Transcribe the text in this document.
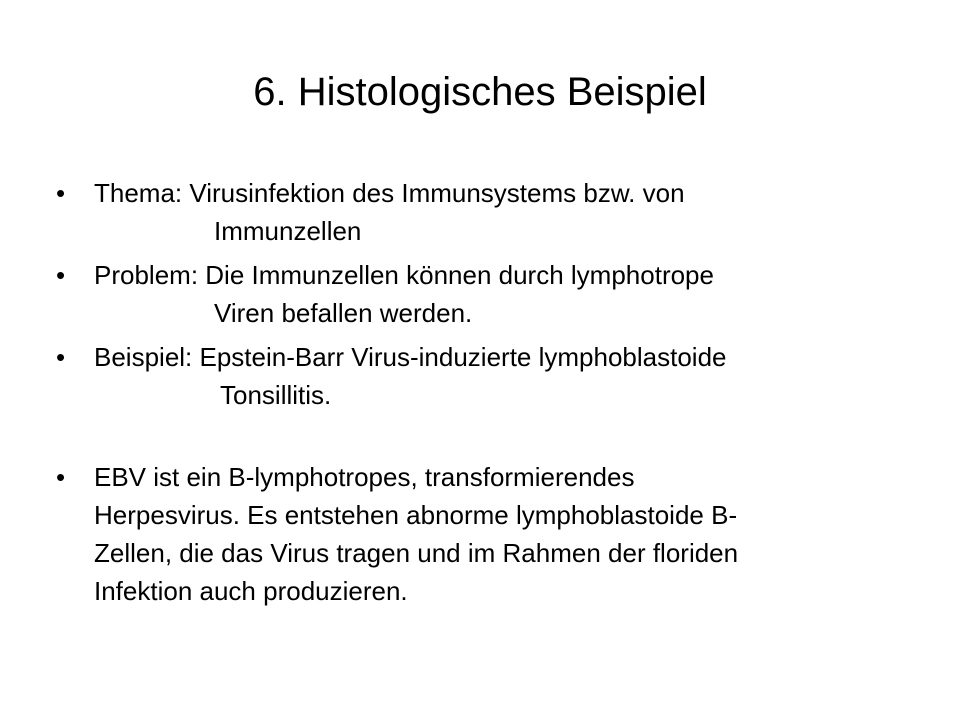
6. Histologisches Beispiel
•	Thema: Virusinfektion des Immunsystems bzw. von
Immunzellen
•	Problem: Die Immunzellen können durch lymphotrope
Viren befallen werden.
•	Beispiel: Epstein-Barr Virus-induzierte lymphoblastoide
Tonsillitis.
•	EBV ist ein B-lymphotropes, transformierendes
Herpesvirus. Es entstehen abnorme lymphoblastoide B-
Zellen, die das Virus tragen und im Rahmen der floriden
Infektion auch produzieren.
